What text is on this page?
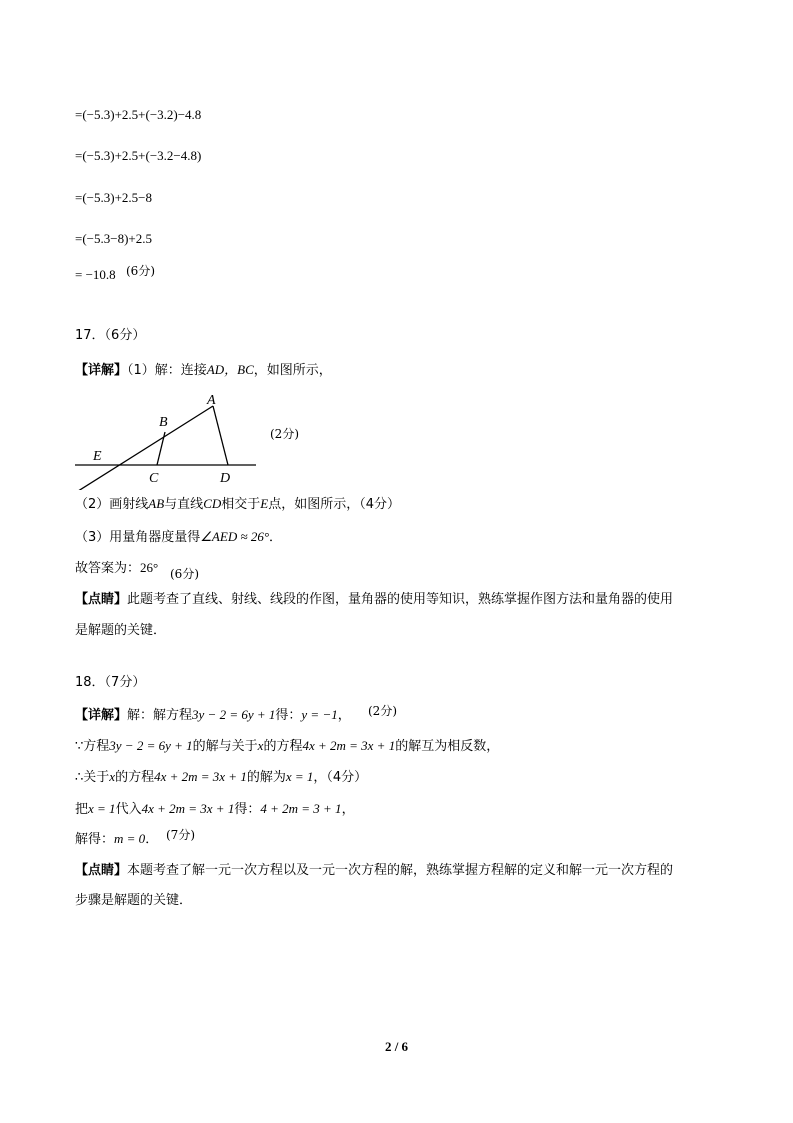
=(−5.3)+2.5+(−3.2)−4.8
=(−5.3)+2.5+(−3.2−4.8)
=(−5.3)+2.5−8
=(−5.3−8)+2.5
= −10.8 (6分)
17．（6分）
【详解】（1）解：连接AD，BC，如图所示，
A
B
C	D
E
(2分)
（2）画射线AB与直线CD相交于E点，如图所示，（4分）
（3）用量角器度量得∠AED ≈ 26°．
故答案为：26° (6分)
【点睛】此题考查了直线、射线、线段的作图，量角器的使用等知识，熟练掌握作图方法和量角器的使用
是解题的关键．
18．（7分）
【详解】解：解方程3y − 2 = 6y + 1得：y = −1， (2分)
∵方程3y − 2 = 6y + 1的解与关于x的方程4x + 2m = 3x + 1的解互为相反数，
∴关于x的方程4x + 2m = 3x + 1的解为x = 1，（4分）
把x = 1代入4x + 2m = 3x + 1得：4 + 2m = 3 + 1，
解得：m = 0． (7分)
【点睛】本题考查了解一元一次方程以及一元一次方程的解，熟练掌握方程解的定义和解一元一次方程的
步骤是解题的关键．
2 / 6
